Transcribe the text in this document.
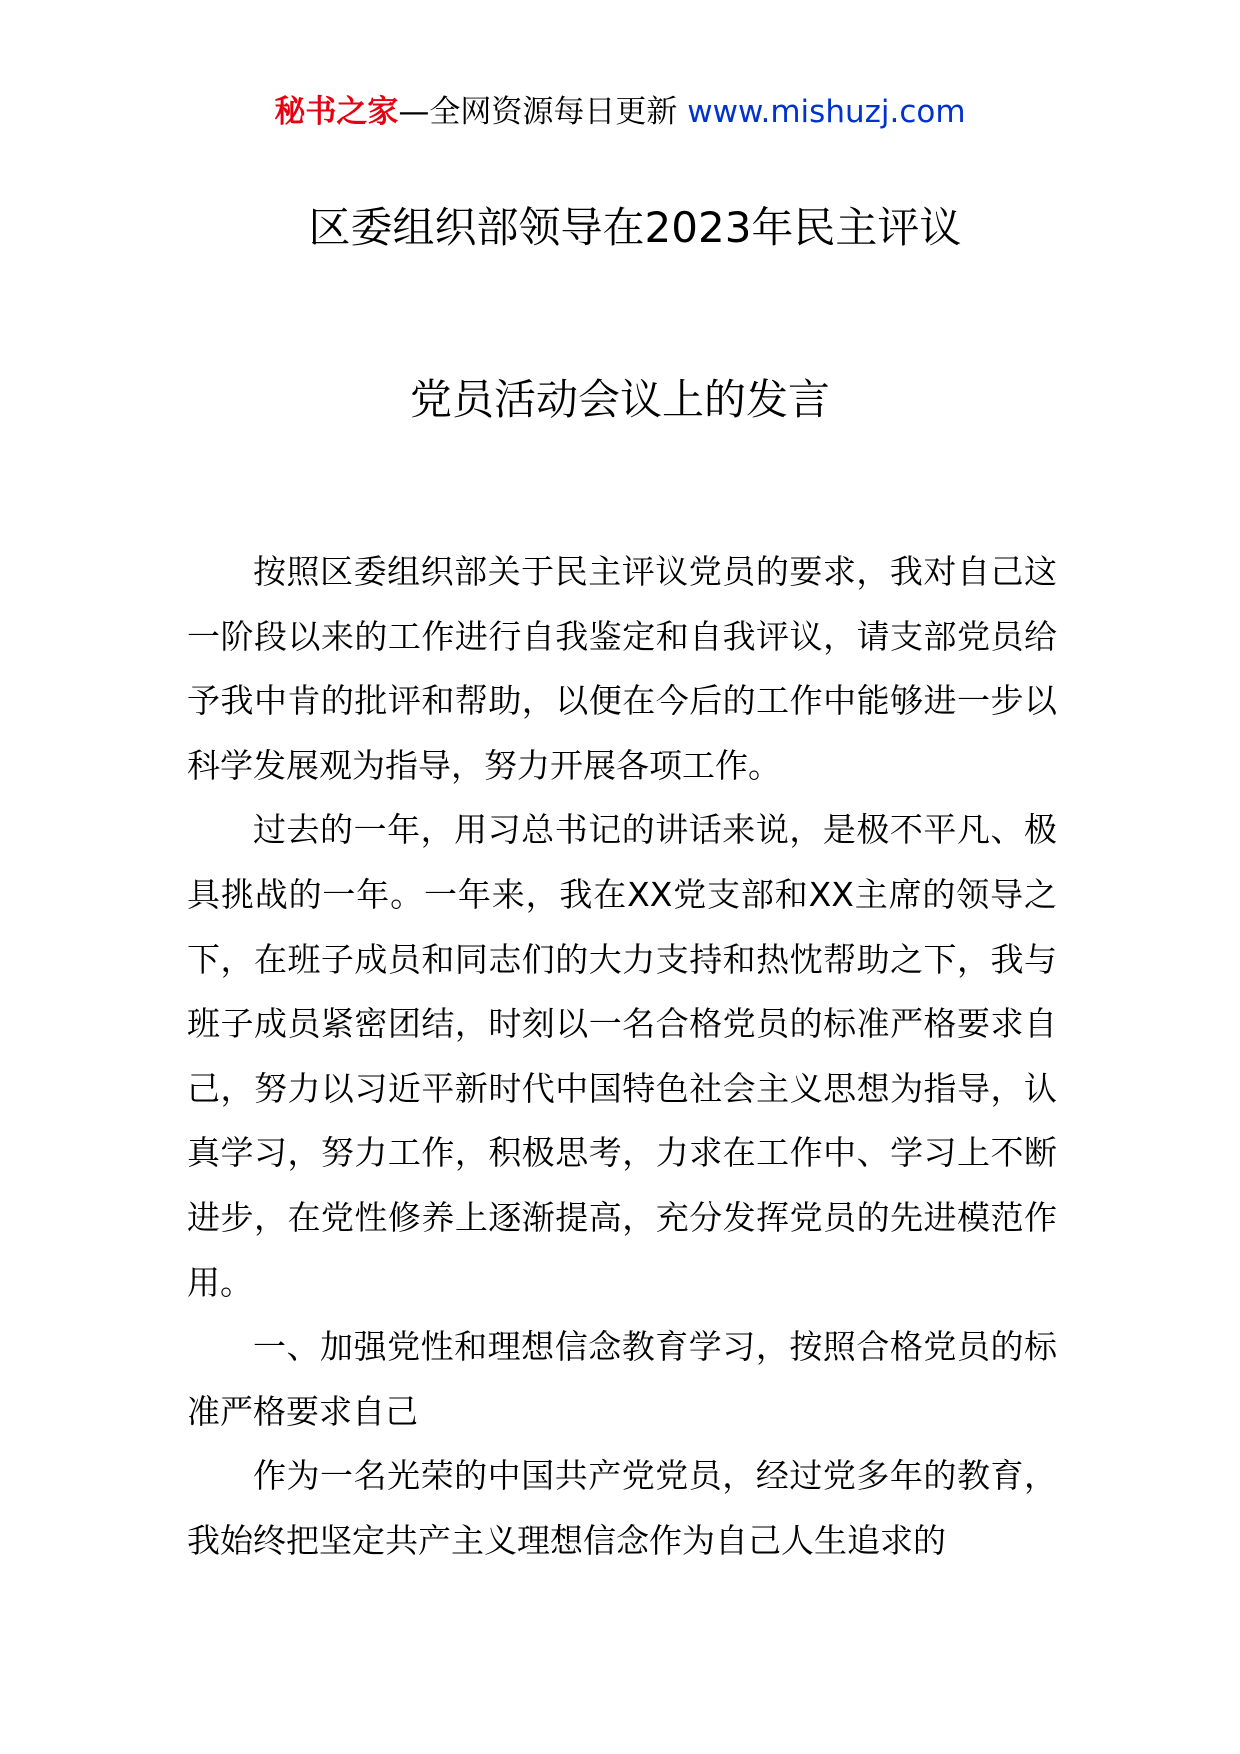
秘书之家—全网资源每日更新 www.mishuzj.com
区委组织部领导在2023年民主评议
党员活动会议上的发言

按照区委组织部关于民主评议党员的要求，我对自己这一阶段以来的工作进行自我鉴定和自我评议，请支部党员给予我中肯的批评和帮助，以便在今后的工作中能够进一步以科学发展观为指导，努力开展各项工作。

过去的一年，用习总书记的讲话来说，是极不平凡、极具挑战的一年。一年来，我在XX党支部和XX主席的领导之下，在班子成员和同志们的大力支持和热忱帮助之下，我与班子成员紧密团结，时刻以一名合格党员的标准严格要求自己，努力以习近平新时代中国特色社会主义思想为指导，认真学习，努力工作，积极思考，力求在工作中、学习上不断进步，在党性修养上逐渐提高，充分发挥党员的先进模范作用。

一、加强党性和理想信念教育学习，按照合格党员的标准严格要求自己

作为一名光荣的中国共产党党员，经过党多年的教育，我始终把坚定共产主义理想信念作为自己人生追求的
